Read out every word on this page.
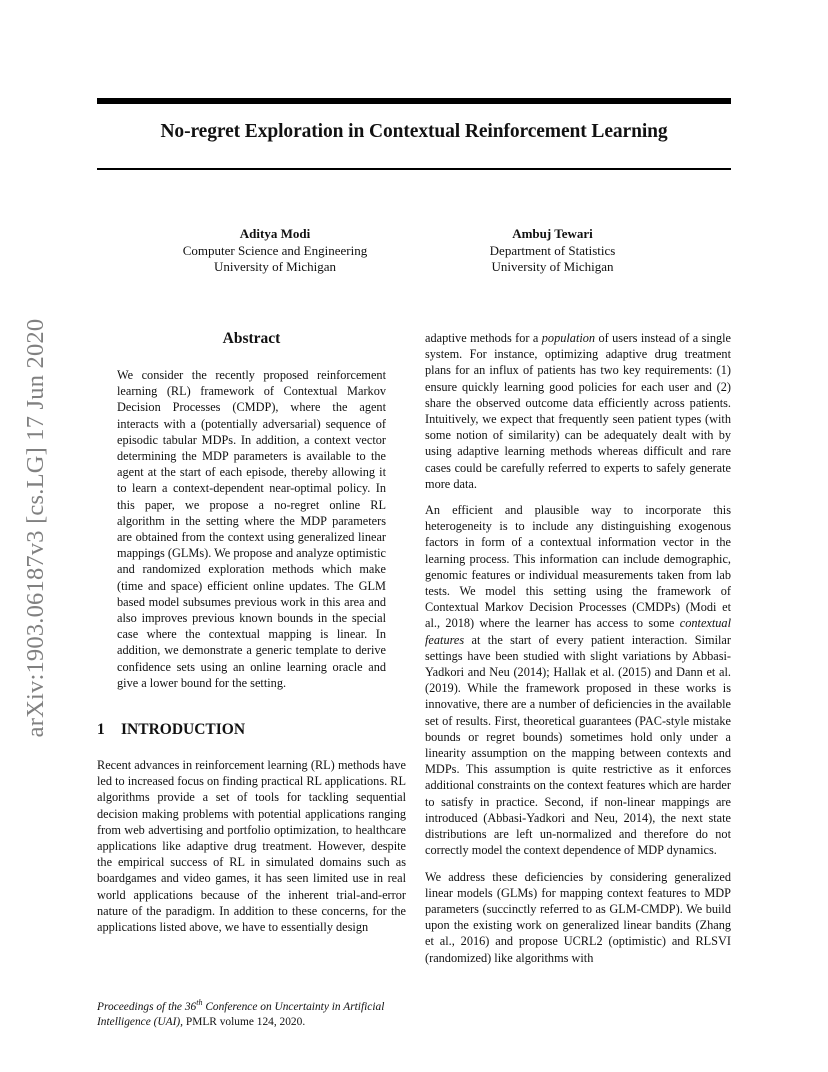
No-regret Exploration in Contextual Reinforcement Learning
Aditya Modi
Computer Science and Engineering
University of Michigan
Ambuj Tewari
Department of Statistics
University of Michigan
arXiv:1903.06187v3 [cs.LG] 17 Jun 2020	Abstract

We consider the recently proposed reinforcement learning (RL) framework of Contextual Markov Decision Processes (CMDP), where the agent interacts with a (potentially adversarial) sequence of episodic tabular MDPs. In addition, a context vector determining the MDP parameters is available to the agent at the start of each episode, thereby allowing it to learn a context-dependent near-optimal policy. In this paper, we propose a no-regret online RL algorithm in the setting where the MDP parameters are obtained from the context using generalized linear mappings (GLMs). We propose and analyze optimistic and randomized exploration methods which make (time and space) efficient online updates. The GLM based model subsumes previous work in this area and also improves previous known bounds in the special case where the contextual mapping is linear. In addition, we demonstrate a generic template to derive confidence sets using an online learning oracle and give a lower bound for the setting.

1 INTRODUCTION

Recent advances in reinforcement learning (RL) methods have led to increased focus on finding practical RL applications. RL algorithms provide a set of tools for tackling sequential decision making problems with potential applications ranging from web advertising and portfolio optimization, to healthcare applications like adaptive drug treatment. However, despite the empirical success of RL in simulated domains such as boardgames and video games, it has seen limited use in real world applications because of the inherent trial-and-error nature of the paradigm. In addition to these concerns, for the applications listed above, we have to essentially design

adaptive methods for a population of users instead of a single system. For instance, optimizing adaptive drug treatment plans for an influx of patients has two key requirements: (1) ensure quickly learning good policies for each user and (2) share the observed outcome data efficiently across patients. Intuitively, we expect that frequently seen patient types (with some notion of similarity) can be adequately dealt with by using adaptive learning methods whereas difficult and rare cases could be carefully referred to experts to safely generate more data.

An efficient and plausible way to incorporate this heterogeneity is to include any distinguishing exogenous factors in form of a contextual information vector in the learning process. This information can include demographic, genomic features or individual measurements taken from lab tests. We model this setting using the framework of Contextual Markov Decision Processes (CMDPs) (Modi et al., 2018) where the learner has access to some contextual features at the start of every patient interaction. Similar settings have been studied with slight variations by Abbasi-Yadkori and Neu (2014); Hallak et al. (2015) and Dann et al. (2019). While the framework proposed in these works is innovative, there are a number of deficiencies in the available set of results. First, theoretical guarantees (PAC-style mistake bounds or regret bounds) sometimes hold only under a linearity assumption on the mapping between contexts and MDPs. This assumption is quite restrictive as it enforces additional constraints on the context features which are harder to satisfy in practice. Second, if non-linear mappings are introduced (Abbasi-Yadkori and Neu, 2014), the next state distributions are left un-normalized and therefore do not correctly model the context dependence of MDP dynamics.

We address these deficiencies by considering generalized linear models (GLMs) for mapping context features to MDP parameters (succinctly referred to as GLM-CMDP). We build upon the existing work on generalized linear bandits (Zhang et al., 2016) and propose UCRL2 (optimistic) and RLSVI (randomized) like algorithms with

Proceedings of the 36th Conference on Uncertainty in Artificial Intelligence (UAI), PMLR volume 124, 2020.
